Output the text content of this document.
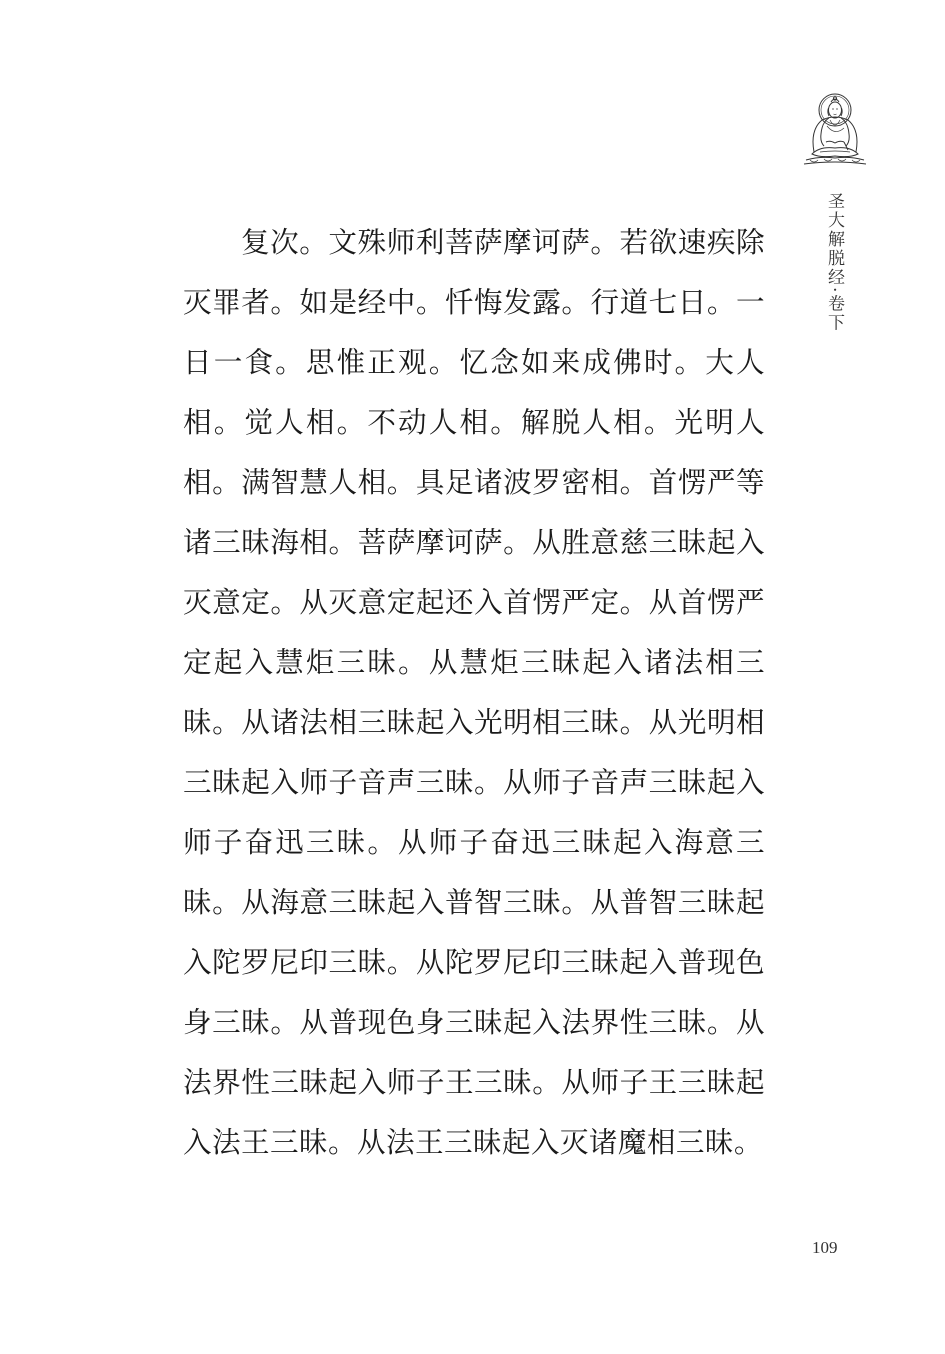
圣大解脱经·卷下

复次。文殊师利菩萨摩诃萨。若欲速疾除灭罪者。如是经中。忏悔发露。行道七日。一日一食。思惟正观。忆念如来成佛时。大人相。觉人相。不动人相。解脱人相。光明人相。满智慧人相。具足诸波罗密相。首愣严等诸三昧海相。菩萨摩诃萨。从胜意慈三昧起入灭意定。从灭意定起还入首愣严定。从首愣严定起入慧炬三昧。从慧炬三昧起入诸法相三昧。从诸法相三昧起入光明相三昧。从光明相三昧起入师子音声三昧。从师子音声三昧起入师子奋迅三昧。从师子奋迅三昧起入海意三昧。从海意三昧起入普智三昧。从普智三昧起入陀罗尼印三昧。从陀罗尼印三昧起入普现色身三昧。从普现色身三昧起入法界性三昧。从法界性三昧起入师子王三昧。从师子王三昧起入法王三昧。从法王三昧起入灭诸魔相三昧。

109
